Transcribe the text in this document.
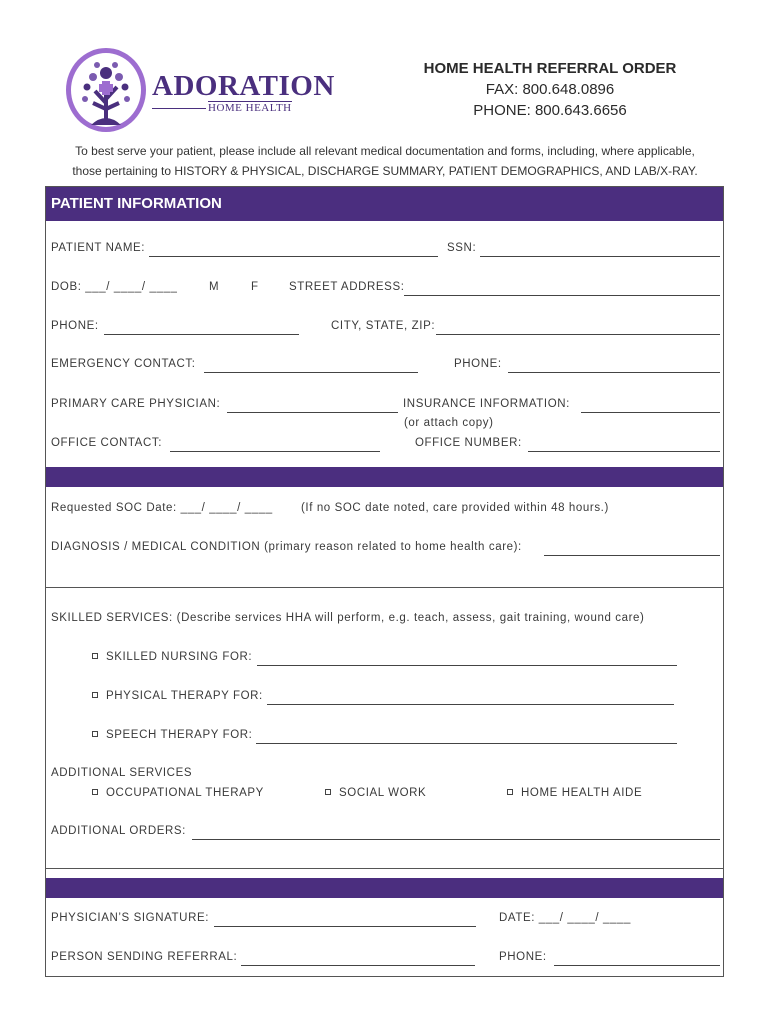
ADORATION
HOME HEALTH
HOME HEALTH REFERRAL ORDER
FAX: 800.648.0896
PHONE: 800.643.6656
To best serve your patient, please include all relevant medical documentation and forms, including, where applicable,
those pertaining to HISTORY & PHYSICAL, DISCHARGE SUMMARY, PATIENT DEMOGRAPHICS, AND LAB/X-RAY.
PATIENT INFORMATION
PATIENT NAME:	SSN:
DOB: ___/ ____/ ____	M	F	STREET ADDRESS:
PHONE:	CITY, STATE, ZIP:
EMERGENCY CONTACT:	PHONE:
PRIMARY CARE PHYSICIAN:	INSURANCE INFORMATION:
(or attach copy)
OFFICE CONTACT:	OFFICE NUMBER:
Requested SOC Date: ___/ ____/ ____ (If no SOC date noted, care provided within 48 hours.)
DIAGNOSIS / MEDICAL CONDITION (primary reason related to home health care):
SKILLED SERVICES: (Describe services HHA will perform, e.g. teach, assess, gait training, wound care)
SKILLED NURSING FOR:
PHYSICAL THERAPY FOR:
SPEECH THERAPY FOR:
ADDITIONAL SERVICES
OCCUPATIONAL THERAPY	SOCIAL WORK	HOME HEALTH AIDE
ADDITIONAL ORDERS:
PHYSICIAN’S SIGNATURE:	DATE: ___/ ____/ ____
PERSON SENDING REFERRAL:	PHONE:
